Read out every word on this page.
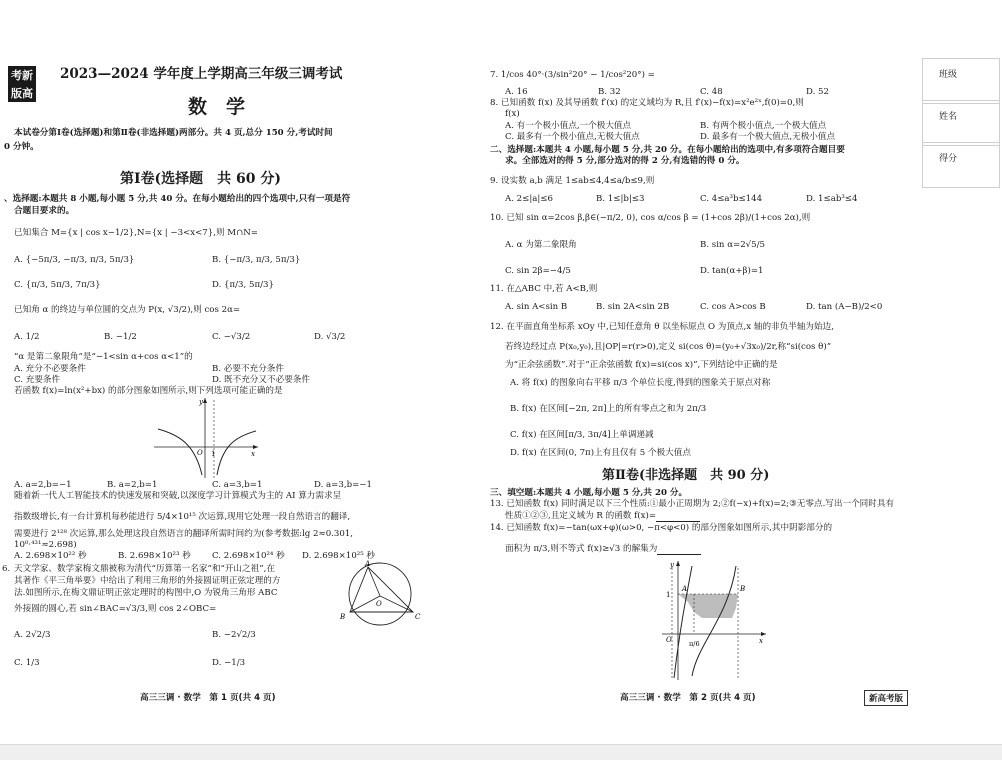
考新
版高
2023—2024 学年度上学期高三年级三调考试
数　学
本试卷分第Ⅰ卷(选择题)和第Ⅱ卷(非选择题)两部分。共 4 页,总分 150 分,考试时间
0 分钟。
第Ⅰ卷(选择题　共 60 分)
、选择题:本题共 8 小题,每小题 5 分,共 40 分。在每小题给出的四个选项中,只有一项是符
合题目要求的。
已知集合 M={x | cos x−1/2},N={x | −3<x<7},则 M∩N=
A. {−5π/3, −π/3, π/3, 5π/3}	B. {−π/3, π/3, 5π/3}
C. {π/3, 5π/3, 7π/3}	D. {π/3, 5π/3}
已知角 α 的终边与单位圆的交点为 P(x, √3/2),则 cos 2α=
A. 1/2	B. −1/2	C. −√3/2	D. √3/2
“α 是第二象限角”是“−1<sin α+cos α<1”的
A. 充分不必要条件	B. 必要不充分条件
C. 充要条件	D. 既不充分又不必要条件
若函数 f(x)=ln(x²+bx) 的部分图象如图所示,则下列选项可能正确的是
y
x
O 1
A. a=2,b=−1	B. a=2,b=1	C. a=3,b=1	D. a=3,b=−1
随着新一代人工智能技术的快速发展和突破,以深度学习计算模式为主的 AI 算力需求呈
指数级增长,有一台计算机每秒能进行 5/4×10¹⁵ 次运算,现用它处理一段自然语言的翻译,
需要进行 2¹²⁸ 次运算,那么处理这段自然语言的翻译所需时间约为(参考数据:lg 2≈0.301,
10⁰·⁴³¹≈2.698)
A. 2.698×10²² 秒	B. 2.698×10²³ 秒 C. 2.698×10²⁴ 秒 D. 2.698×10²⁵ 秒
6. 天文学家、数学家梅文鼎被称为清代“历算第一名家”和“开山之祖”,在
其著作《平三角举要》中给出了利用三角形的外接圆证明正弦定理的方
法.如图所示,在梅文鼎证明正弦定理时的构图中,O 为锐角三角形 ABC
外接圆的圆心,若 sin∠BAC=√3/3,则 cos 2∠OBC=
A
B	C
O
A. 2√2/3	B. −2√2/3
C. 1/3	D. −1/3
高三三调 · 数学　第 1 页(共 4 页)
7. 1/cos 40°·(3/sin²20° − 1/cos²20°) =
A. 16	B. 32	C. 48	D. 52
8. 已知函数 f(x) 及其导函数 f′(x) 的定义域均为 R,且 f′(x)−f(x)=x²e²ˣ,f(0)=0,则
f(x)
A. 有一个极小值点,一个极大值点	B. 有两个极小值点,一个极大值点
C. 最多有一个极小值点,无极大值点	D. 最多有一个极大值点,无极小值点
二、选择题:本题共 4 小题,每小题 5 分,共 20 分。在每小题给出的选项中,有多项符合题目要
求。全部选对的得 5 分,部分选对的得 2 分,有选错的得 0 分。
9. 设实数 a,b 满足 1≤ab≤4,4≤a/b≤9,则
A. 2≤|a|≤6	B. 1≤|b|≤3	C. 4≤a³b≤144	D. 1≤ab³≤4
10. 已知 sin α=2cos β,β∈(−π/2, 0), cos α/cos β = (1+cos 2β)/(1+cos 2α),则
A. α 为第二象限角	B. sin α=2√5/5
C. sin 2β=−4/5	D. tan(α+β)=1
11. 在△ABC 中,若 A<B,则
A. sin A<sin B	B. sin 2A<sin 2B	C. cos A>cos B	D. tan (A−B)/2<0
12. 在平面直角坐标系 xOy 中,已知任意角 θ 以坐标原点 O 为顶点,x 轴的非负半轴为始边,
若终边经过点 P(x₀,y₀),且|OP|=r(r>0),定义 si(cos θ)=(y₀+√3x₀)/2r,称“si(cos θ)”
为“正余弦函数”.对于“正余弦函数 f(x)=si(cos x)”,下列结论中正确的是
A. 将 f(x) 的图象向右平移 π/3 个单位长度,得到的图象关于原点对称
B. f(x) 在区间[−2π, 2π]上的所有零点之和为 2π/3
C. f(x) 在区间[π/3, 3π/4]上单调递减
D. f(x) 在区间(0, 7π)上有且仅有 5 个极大值点
第Ⅱ卷(非选择题　共 90 分)
三、填空题:本题共 4 小题,每小题 5 分,共 20 分。
13. 已知函数 f(x) 同时满足以下三个性质:①最小正周期为 2;②f(−x)+f(x)=2;③无零点.写出一个同时具有
性质①②③,且定义域为 R 的函数 f(x)=
14. 已知函数 f(x)=−tan(ωx+φ)(ω>0, −π<φ<0) 的部分图象如图所示,其中阴影部分的
面积为 π/3,则不等式 f(x)≥√3 的解集为
y
x
O
1
A	B
π/6
高三三调 · 数学　第 2 页(共 4 页)	新高考版
班级
姓名
得分
